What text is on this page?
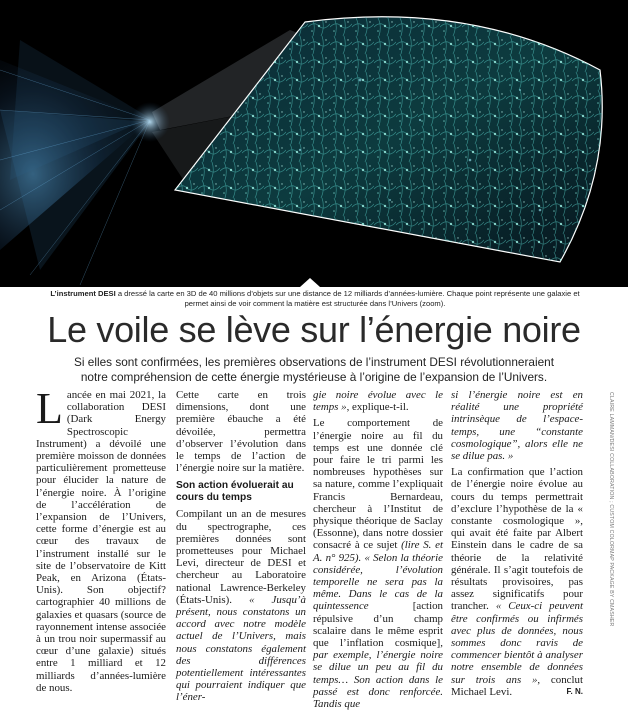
L’instrument DESI a dressé la carte en 3D de 40 millions d’objets sur une distance de 12 milliards d’années-lumière. Chaque point représente une galaxie et permet ainsi de voir comment la matière est structurée dans l’Univers (zoom).
Le voile se lève sur l’énergie noire
Si elles sont confirmées, les premières observations de l’instrument DESI révolutionneraient notre compréhension de cette énergie mystérieuse à l’origine de l’expansion de l’Univers.

Lancée en mai 2021, la collaboration DESI (Dark Energy Spectroscopic Instrument) a dévoilé une première moisson de données particulièrement prometteuse pour élucider la nature de l’énergie noire. À l’origine de l’accélération de l’expansion de l’Univers, cette forme d’énergie est au cœur des travaux de l’instrument installé sur le site de l’observatoire de Kitt Peak, en Arizona (États-Unis). Son objectif? cartographier 40 millions de galaxies et quasars (source de rayonnement intense associée à un trou noir supermassif au cœur d’une galaxie) situés entre 1 milliard et 12 milliards d’années-lumière de nous.

Cette carte en trois dimensions, dont une première ébauche a été dévoilée, permettra d’observer l’évolution dans le temps de l’action de l’énergie noire sur la matière.

Son action évoluerait au cours du temps

Compilant un an de mesures du spectrographe, ces premières données sont prometteuses pour Michael Levi, directeur de DESI et chercheur au Laboratoire national Lawrence-Berkeley (États-Unis). « Jusqu’à présent, nous constatons un accord avec notre modèle actuel de l’Univers, mais nous constatons également des différences potentiellement intéressantes qui pourraient indiquer que l’éner-

gie noire évolue avec le temps », explique-t-il.

Le comportement de l’énergie noire au fil du temps est une donnée clé pour faire le tri parmi les nombreuses hypothèses sur sa nature, comme l’expliquait Francis Bernardeau, chercheur à l’Institut de physique théorique de Saclay (Essonne), dans notre dossier consacré à ce sujet (lire S. et A. n° 925). « Selon la théorie considérée, l’évolution temporelle ne sera pas la même. Dans le cas de la quintessence [action répulsive d’un champ scalaire dans le même esprit que l’inflation cosmique], par exemple, l’énergie noire se dilue un peu au fil du temps… Son action dans le passé est donc renforcée. Tandis que

si l’énergie noire est en réalité une propriété intrinsèque de l’espace-temps, une “constante cosmologique”, alors elle ne se dilue pas. »

La confirmation que l’action de l’énergie noire évolue au cours du temps permettrait d’exclure l’hypothèse de la « constante cosmologique », qui avait été faite par Albert Einstein dans le cadre de sa théorie de la relativité générale. Il s’agit toutefois de résultats provisoires, pas assez significatifs pour trancher. « Ceux-ci peuvent être confirmés ou infirmés avec plus de données, nous sommes donc ravis de commencer bientôt à analyser notre ensemble de données sur trois ans », conclut Michael Levi.	F. N.

CLAIRE LAMMAN/DESI COLLABORATION ; CUSTOM COLORMAP PACKAGE BY CMASHER
